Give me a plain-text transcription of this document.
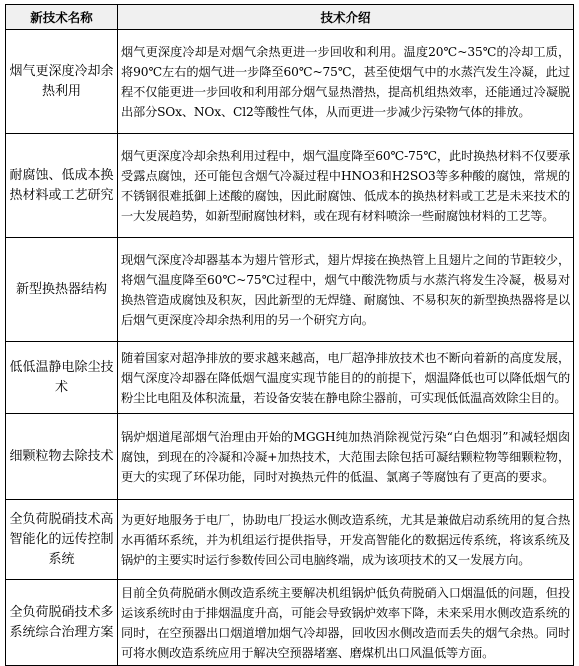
新技术名称	技术介绍
烟气更深度冷却余热利用	烟气更深度冷却是对烟气余热更进一步回收和利用。温度20℃~35℃的冷却工质，将90℃左右的烟气进一步降至60℃~75℃，甚至使烟气中的水蒸汽发生冷凝，此过程不仅能更进一步回收和利用部分烟气显热潜热，提高机组热效率，还能通过冷凝脱出部分SOx、NOx、Cl2等酸性气体，从而更进一步减少污染物气体的排放。
耐腐蚀、低成本换热材料或工艺研究	烟气更深度冷却余热利用过程中，烟气温度降至60℃-75℃，此时换热材料不仅要承受露点腐蚀，还可能包含烟气冷凝过程中HNO3和H2SO3等多种酸的腐蚀，常规的不锈钢很难抵御上述酸的腐蚀，因此耐腐蚀、低成本的换热材料或工艺是未来技术的一大发展趋势，如新型耐腐蚀材料，或在现有材料喷涂一些耐腐蚀材料的工艺等。
新型换热器结构	现烟气深度冷却器基本为翅片管形式，翅片焊接在换热管上且翅片之间的节距较少，将烟气温度降至60℃~75℃过程中，烟气中酸洗物质与水蒸汽将发生冷凝，极易对换热管造成腐蚀及积灰，因此新型的无焊缝、耐腐蚀、不易积灰的新型换热器将是以后烟气更深度冷却余热利用的另一个研究方向。
低低温静电除尘技术	随着国家对超净排放的要求越来越高，电厂超净排放技术也不断向着新的高度发展，烟气深度冷却器在降低烟气温度实现节能目的的前提下，烟温降低也可以降低烟气的粉尘比电阻及体积流量，若设备安装在静电除尘器前，可实现低低温高效除尘目的。
细颗粒物去除技术	锅炉烟道尾部烟气治理由开始的MGGH纯加热消除视觉污染“白色烟羽”和减轻烟囱腐蚀，到现在的冷凝和冷凝+加热技术，大范围去除包括可凝结颗粒物等细颗粒物，更大的实现了环保功能，同时对换热元件的低温、氯离子等腐蚀有了更高的要求。
全负荷脱硝技术高智能化的远传控制系统	为更好地服务于电厂，协助电厂投运水侧改造系统，尤其是兼做启动系统用的复合热水再循环系统，并为机组运行提供指导，开发高智能化的数据远传系统，将该系统及锅炉的主要实时运行参数传回公司电脑终端，成为该项技术的又一发展方向。
全负荷脱硝技术多系统综合治理方案	目前全负荷脱硝水侧改造系统主要解决机组锅炉低负荷脱硝入口烟温低的问题，但投运该系统时由于排烟温度升高，可能会导致锅炉效率下降，未来采用水侧改造系统的同时，在空预器出口烟道增加烟气冷却器，回收因水侧改造而丢失的烟气余热。同时可将水侧改造系统应用于解决空预器堵塞、磨煤机出口风温低等方面。
